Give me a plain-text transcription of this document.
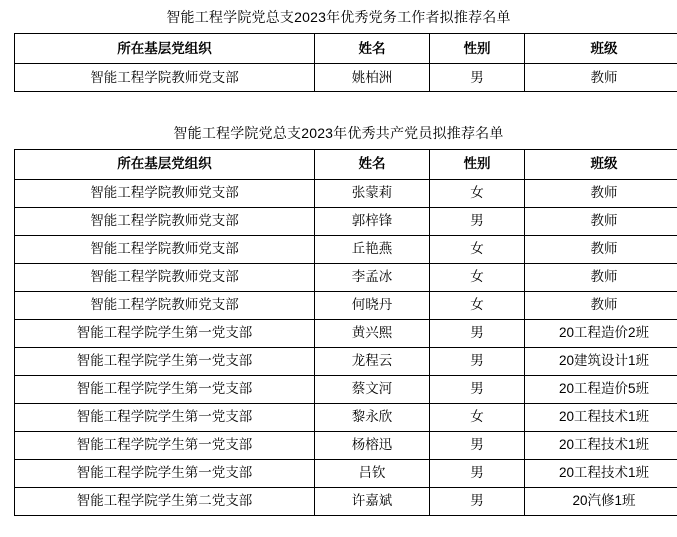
智能工程学院党总支2023年优秀党务工作者拟推荐名单
所在基层党组织	姓名	性别	班级
智能工程学院教师党支部	姚柏洲	男	教师
智能工程学院党总支2023年优秀共产党员拟推荐名单
所在基层党组织	姓名	性别	班级
智能工程学院教师党支部	张蒙莉	女	教师
智能工程学院教师党支部	郭梓锋	男	教师
智能工程学院教师党支部	丘艳燕	女	教师
智能工程学院教师党支部	李孟冰	女	教师
智能工程学院教师党支部	何晓丹	女	教师
智能工程学院学生第一党支部	黄兴熙	男	20工程造价2班
智能工程学院学生第一党支部	龙程云	男	20建筑设计1班
智能工程学院学生第一党支部	蔡文河	男	20工程造价5班
智能工程学院学生第一党支部	黎永欣	女	20工程技术1班
智能工程学院学生第一党支部	杨榕迅	男	20工程技术1班
智能工程学院学生第一党支部	吕钦	男	20工程技术1班
智能工程学院学生第二党支部	许嘉斌	男	20汽修1班
